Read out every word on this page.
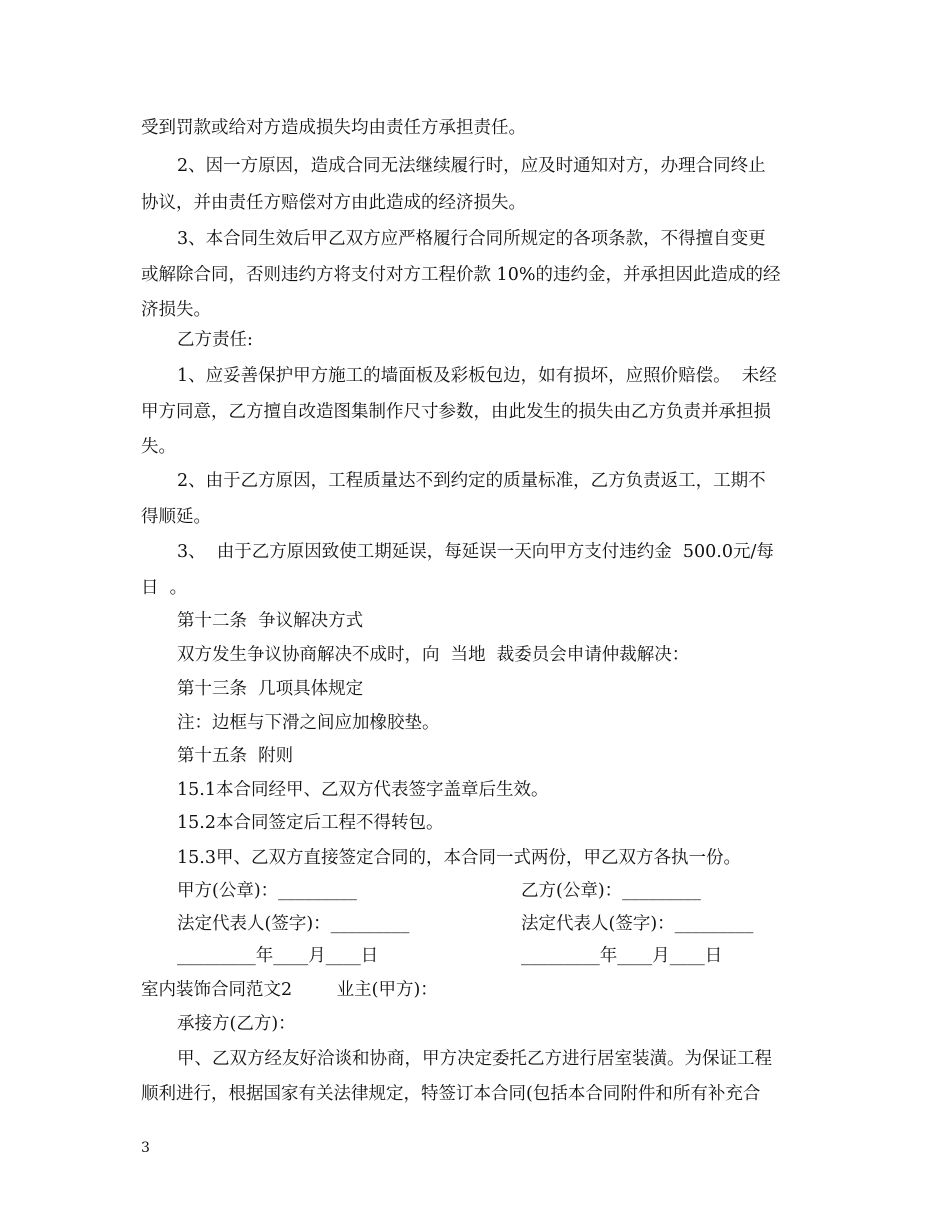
受到罚款或给对方造成损失均由责任方承担责任。
2、因一方原因，造成合同无法继续履行时，应及时通知对方，办理合同终止
协议，并由责任方赔偿对方由此造成的经济损失。
3、本合同生效后甲乙双方应严格履行合同所规定的各项条款，不得擅自变更
或解除合同，否则违约方将支付对方工程价款 10%的违约金，并承担因此造成的经
济损失。
乙方责任:
1、应妥善保护甲方施工的墙面板及彩板包边，如有损坏，应照价赔偿。  未经
甲方同意，乙方擅自改造图集制作尺寸参数，由此发生的损失由乙方负责并承担损
失。
2、由于乙方原因，工程质量达不到约定的质量标准，乙方负责返工，工期不
得顺延。
3、  由于乙方原因致使工期延误，每延误一天向甲方支付违约金  500.0元/每
日  。
第十二条  争议解决方式
双方发生争议协商解决不成时，向  当地  裁委员会申请仲裁解决：
第十三条  几项具体规定
注：边框与下滑之间应加橡胶垫。
第十五条  附则
15.1本合同经甲、乙双方代表签字盖章后生效。
15.2本合同签定后工程不得转包。
15.3甲、乙双方直接签定合同的，本合同一式两份，甲乙双方各执一份。
甲方(公章)：_________	乙方(公章)：_________
法定代表人(签字)：_________	法定代表人(签字)：_________
_________年____月____日	_________年____月____日
室内装饰合同范文2        业主(甲方)：
承接方(乙方)：
甲、乙双方经友好洽谈和协商，甲方决定委托乙方进行居室装潢。为保证工程
顺利进行，根据国家有关法律规定，特签订本合同(包括本合同附件和所有补充合
3
